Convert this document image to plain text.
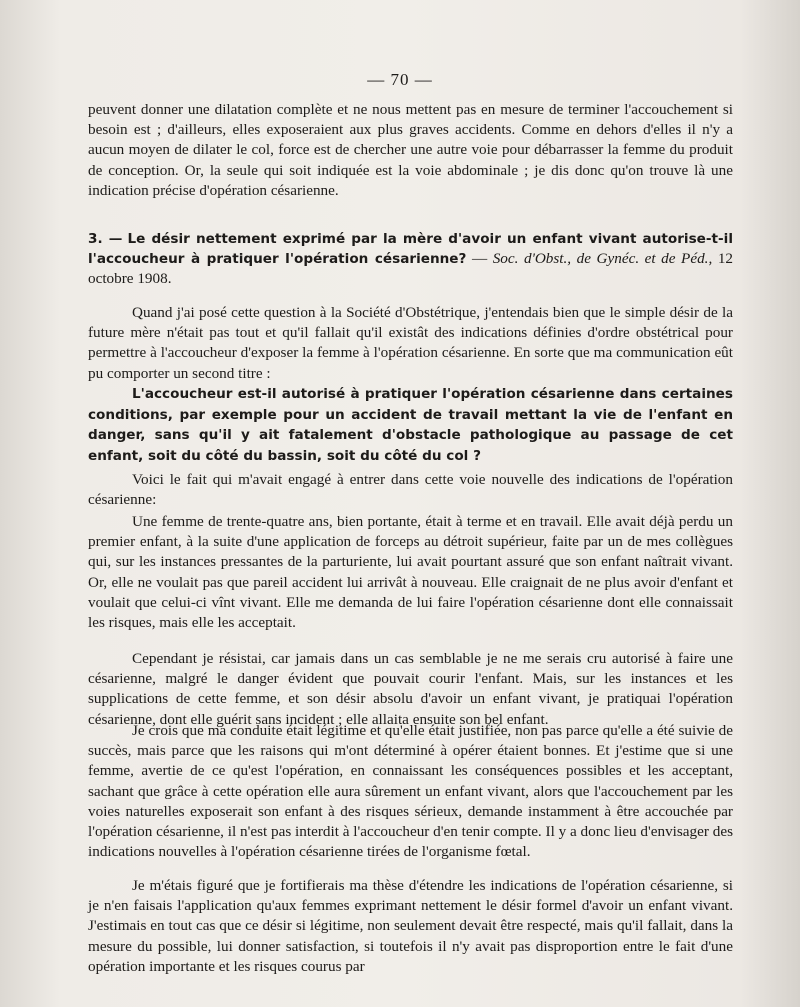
— 70 —

peuvent donner une dilatation complète et ne nous mettent pas en mesure de terminer l'accouchement si besoin est ; d'ailleurs, elles exposeraient aux plus graves accidents. Comme en dehors d'elles il n'y a aucun moyen de dilater le col, force est de chercher une autre voie pour débarrasser la femme du produit de conception. Or, la seule qui soit indiquée est la voie abdominale ; je dis donc qu'on trouve là une indication précise d'opération césarienne.

3. — Le désir nettement exprimé par la mère d'avoir un enfant vivant autorise-t-il l'accoucheur à pratiquer l'opération césarienne? — Soc. d'Obst., de Gynéc. et de Péd., 12 octobre 1908.

Quand j'ai posé cette question à la Société d'Obstétrique, j'entendais bien que le simple désir de la future mère n'était pas tout et qu'il fallait qu'il existât des indications définies d'ordre obstétrical pour permettre à l'accoucheur d'exposer la femme à l'opération césarienne. En sorte que ma communication eût pu comporter un second titre :

L'accoucheur est-il autorisé à pratiquer l'opération césarienne dans certaines conditions, par exemple pour un accident de travail mettant la vie de l'enfant en danger, sans qu'il y ait fatalement d'obstacle pathologique au passage de cet enfant, soit du côté du bassin, soit du côté du col ?

Voici le fait qui m'avait engagé à entrer dans cette voie nouvelle des indications de l'opération césarienne:

Une femme de trente-quatre ans, bien portante, était à terme et en travail. Elle avait déjà perdu un premier enfant, à la suite d'une application de forceps au détroit supérieur, faite par un de mes collègues qui, sur les instances pressantes de la parturiente, lui avait pourtant assuré que son enfant naîtrait vivant. Or, elle ne voulait pas que pareil accident lui arrivât à nouveau. Elle craignait de ne plus avoir d'enfant et voulait que celui-ci vînt vivant. Elle me demanda de lui faire l'opération césarienne dont elle connaissait les risques, mais elle les acceptait.

Cependant je résistai, car jamais dans un cas semblable je ne me serais cru autorisé à faire une césarienne, malgré le danger évident que pouvait courir l'enfant. Mais, sur les instances et les supplications de cette femme, et son désir absolu d'avoir un enfant vivant, je pratiquai l'opération césarienne, dont elle guérit sans incident ; elle allaita ensuite son bel enfant.

Je crois que ma conduite était légitime et qu'elle était justifiée, non pas parce qu'elle a été suivie de succès, mais parce que les raisons qui m'ont déterminé à opérer étaient bonnes. Et j'estime que si une femme, avertie de ce qu'est l'opération, en connaissant les conséquences possibles et les acceptant, sachant que grâce à cette opération elle aura sûrement un enfant vivant, alors que l'accouchement par les voies naturelles exposerait son enfant à des risques sérieux, demande instamment à être accouchée par l'opération césarienne, il n'est pas interdit à l'accoucheur d'en tenir compte. Il y a donc lieu d'envisager des indications nouvelles à l'opération césarienne tirées de l'organisme fœtal.

Je m'étais figuré que je fortifierais ma thèse d'étendre les indications de l'opération césarienne, si je n'en faisais l'application qu'aux femmes exprimant nettement le désir formel d'avoir un enfant vivant. J'estimais en tout cas que ce désir si légitime, non seulement devait être respecté, mais qu'il fallait, dans la mesure du possible, lui donner satisfaction, si toutefois il n'y avait pas disproportion entre le fait d'une opération importante et les risques courus par
